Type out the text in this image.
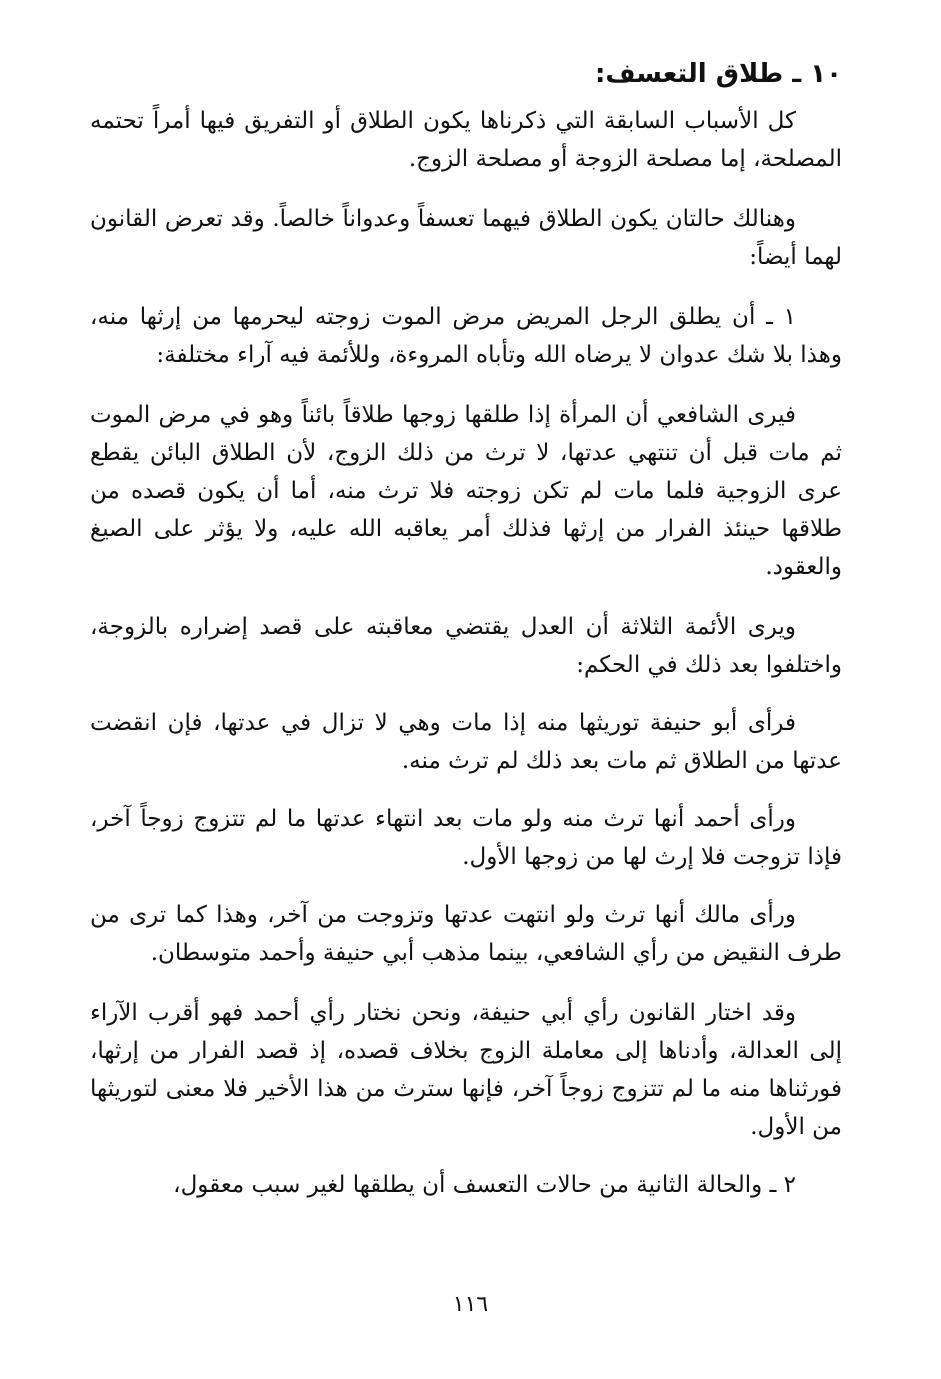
١٠ ـ طلاق التعسف:

كل الأسباب السابقة التي ذكرناها يكون الطلاق أو التفريق فيها أمراً تحتمه المصلحة، إما مصلحة الزوجة أو مصلحة الزوج.

وهنالك حالتان يكون الطلاق فيهما تعسفاً وعدواناً خالصاً. وقد تعرض القانون لهما أيضاً:

١ ـ أن يطلق الرجل المريض مرض الموت زوجته ليحرمها من إرثها منه، وهذا بلا شك عدوان لا يرضاه الله وتأباه المروءة، وللأئمة فيه آراء مختلفة:

فيرى الشافعي أن المرأة إذا طلقها زوجها طلاقاً بائناً وهو في مرض الموت ثم مات قبل أن تنتهي عدتها، لا ترث من ذلك الزوج، لأن الطلاق البائن يقطع عرى الزوجية فلما مات لم تكن زوجته فلا ترث منه، أما أن يكون قصده من طلاقها حينئذ الفرار من إرثها فذلك أمر يعاقبه الله عليه، ولا يؤثر على الصيغ والعقود.

ويرى الأئمة الثلاثة أن العدل يقتضي معاقبته على قصد إضراره بالزوجة، واختلفوا بعد ذلك في الحكم:

فرأى أبو حنيفة توريثها منه إذا مات وهي لا تزال في عدتها، فإن انقضت عدتها من الطلاق ثم مات بعد ذلك لم ترث منه.

ورأى أحمد أنها ترث منه ولو مات بعد انتهاء عدتها ما لم تتزوج زوجاً آخر، فإذا تزوجت فلا إرث لها من زوجها الأول.

ورأى مالك أنها ترث ولو انتهت عدتها وتزوجت من آخر، وهذا كما ترى من طرف النقيض من رأي الشافعي، بينما مذهب أبي حنيفة وأحمد متوسطان.

وقد اختار القانون رأي أبي حنيفة، ونحن نختار رأي أحمد فهو أقرب الآراء إلى العدالة، وأدناها إلى معاملة الزوج بخلاف قصده، إذ قصد الفرار من إرثها، فورثناها منه ما لم تتزوج زوجاً آخر، فإنها سترث من هذا الأخير فلا معنى لتوريثها من الأول.

٢ ـ والحالة الثانية من حالات التعسف أن يطلقها لغير سبب معقول،

١١٦
